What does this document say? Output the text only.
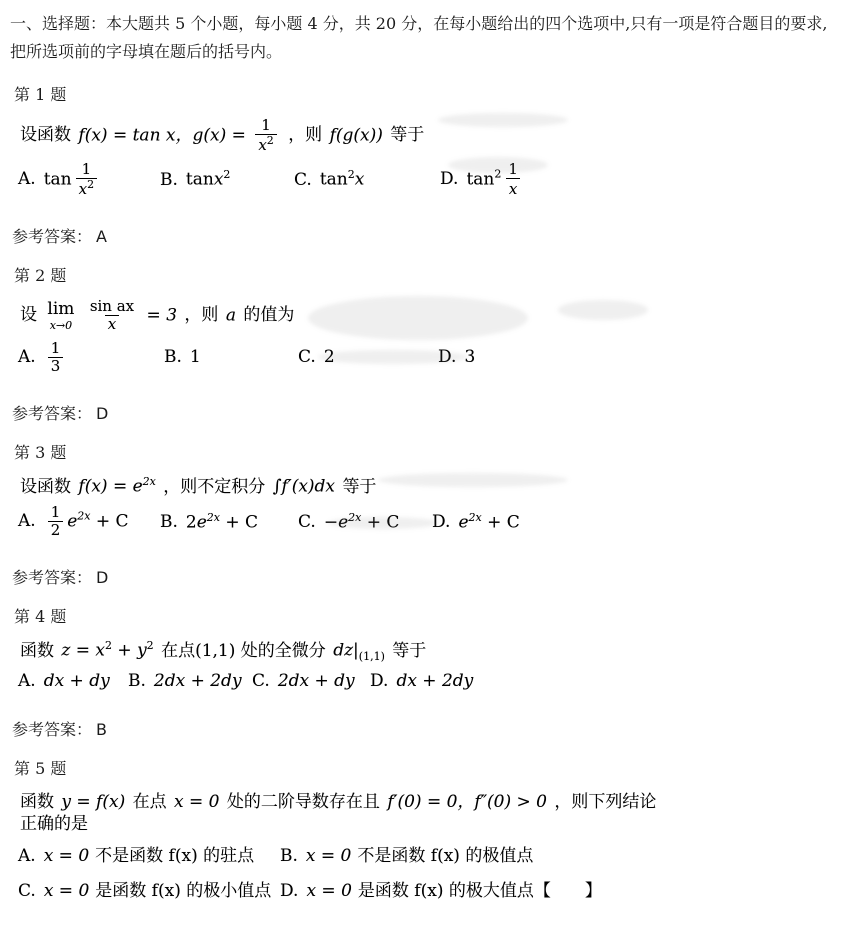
一、选择题：本大题共 5 个小题，每小题 4 分，共 20 分，在每小题给出的四个选项中,只有一项是符合题目的要求, 把所选项前的字母填在题后的括号内。

第 1 题
设函数 f(x) = tan x，$g(x) = \frac{1}{x^2}$ ，则 f(g(x)) 等于
A. $\tan \frac{1}{x^2}$	B. tanx$^2$	C. $\tan^2x$	D. $\tan^2 \frac{1}{x}$
参考答案： A
第 2 题
设 lim
x→0
$\frac{\text{sin ax}}{x} = 3$ ，则 a 的值为
A. $\frac{1}{3}$	B. 1	C. 2	D. 3
参考答案： D
第 3 题
设函数 $f(x) = e^{2x}$ ，则不定积分 ∫f′(x)dx 等于
A. $\frac{1}{2} e^{2x} + C$	B. $2e^{2x} + C$	C. $-e^{2x} + C$	D. $e^{2x} + C$
参考答案： D
第 4 题
函数 $z = x^2 + y^2$ 在点(1,1) 处的全微分 $dz|_{(1,1)}$ 等于
A. dx + dy	B. 2dx + 2dy C. 2dx + dy D. dx + 2dy
参考答案： B
第 5 题
函数 y = f(x) 在点 x = 0 处的二阶导数存在且 f′(0) = 0，f″(0) > 0 ，则下列结论
正确的是
A. x = 0 不是函数 f(x) 的驻点	B. x = 0 不是函数 f(x) 的极值点
C. x = 0 是函数 f(x) 的极小值点 D. x = 0 是函数 f(x) 的极大值点【　　】
